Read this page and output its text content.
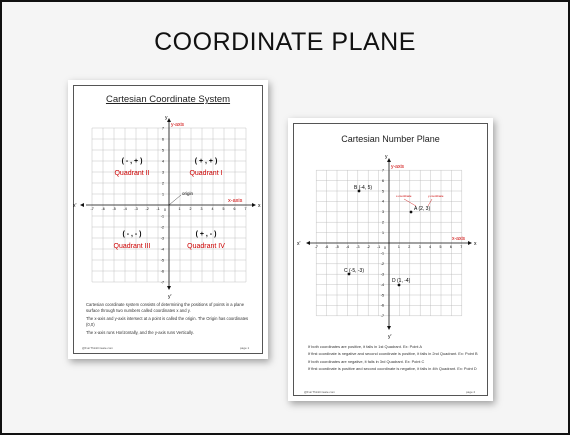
COORDINATE PLANE
Cartesian Coordinate System
-7
-7
-6
-6
-5
-5
-4
-4
-3
-3
-2
-2
-1
-1
1
1
2
2
3
3
4
4
5
5
6
6
7
7
y
y-axis
x
x-axis
x'
y'
0
origin
( - , + )
Quadrant II
( + , + )
Quadrant I
( - , - )
Quadrant III
( + , - )
Quadrant IV

Cartesian coordinate system consists of determining the positions of points in a plane surface through two numbers called coordinates x and y.

The x-axis and y-axis intersect at a point is called the origin. The Origin has coordinates (0,0)

The x-axis runs Horizontally, and the y-axis runs Vertically.

@FunThinkCreate.com	page 1
Cartesian Number Plane
-7
-7
-6
-6
-5
-5
-4
-4
-3
-3
-2
-2
-1
-1
1
1
2
2
3
3
4
4
5
5
6
6
7
7
y
y-axis
x
x-axis
x'
y'
0
A (2, 3)
B (-4, 5)
C (-5, -3)
D (1, -4)
x-coordinate	y-coordinate

If both coordinates are positive, it falls in 1st Quadrant. Ex: Point A

If first coordinate is negative and second coordinate is positive, it falls in 2nd Quadrant. Ex: Point B

If both coordinates are negative, it falls in 3rd Quadrant. Ex: Point C

If first coordinate is positive and second coordinate is negative, it falls in 4th Quadrant. Ex: Point D

@FunThinkCreate.com	page 2
